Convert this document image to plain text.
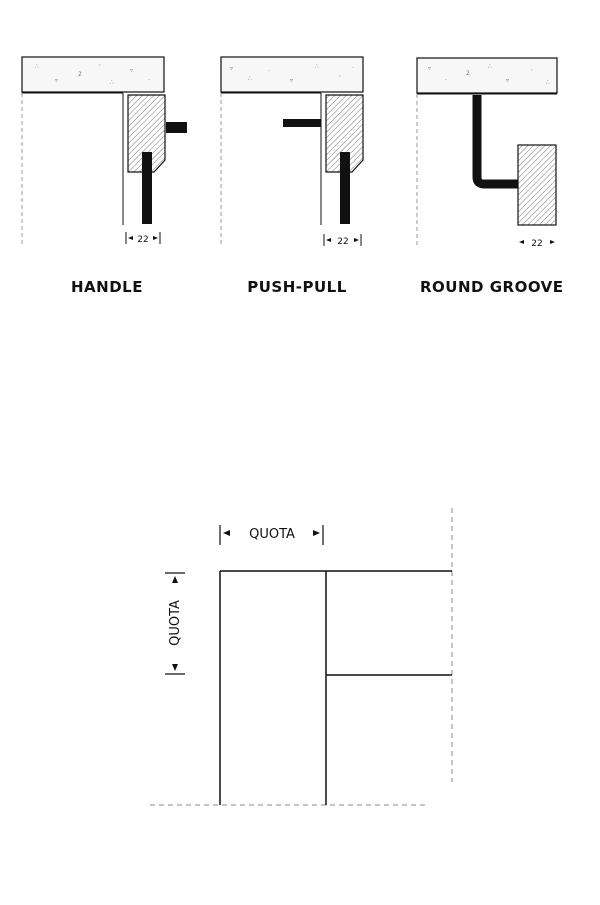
∴
▿
2
◦
∴
▿
·
22
▿
∴
·
▿
∴
◦
·
22
▿
·
2
∴
▿
◦
∴
22
QUOTA
QUOTA
HANDLE	PUSH-PULL	ROUND GROOVE
